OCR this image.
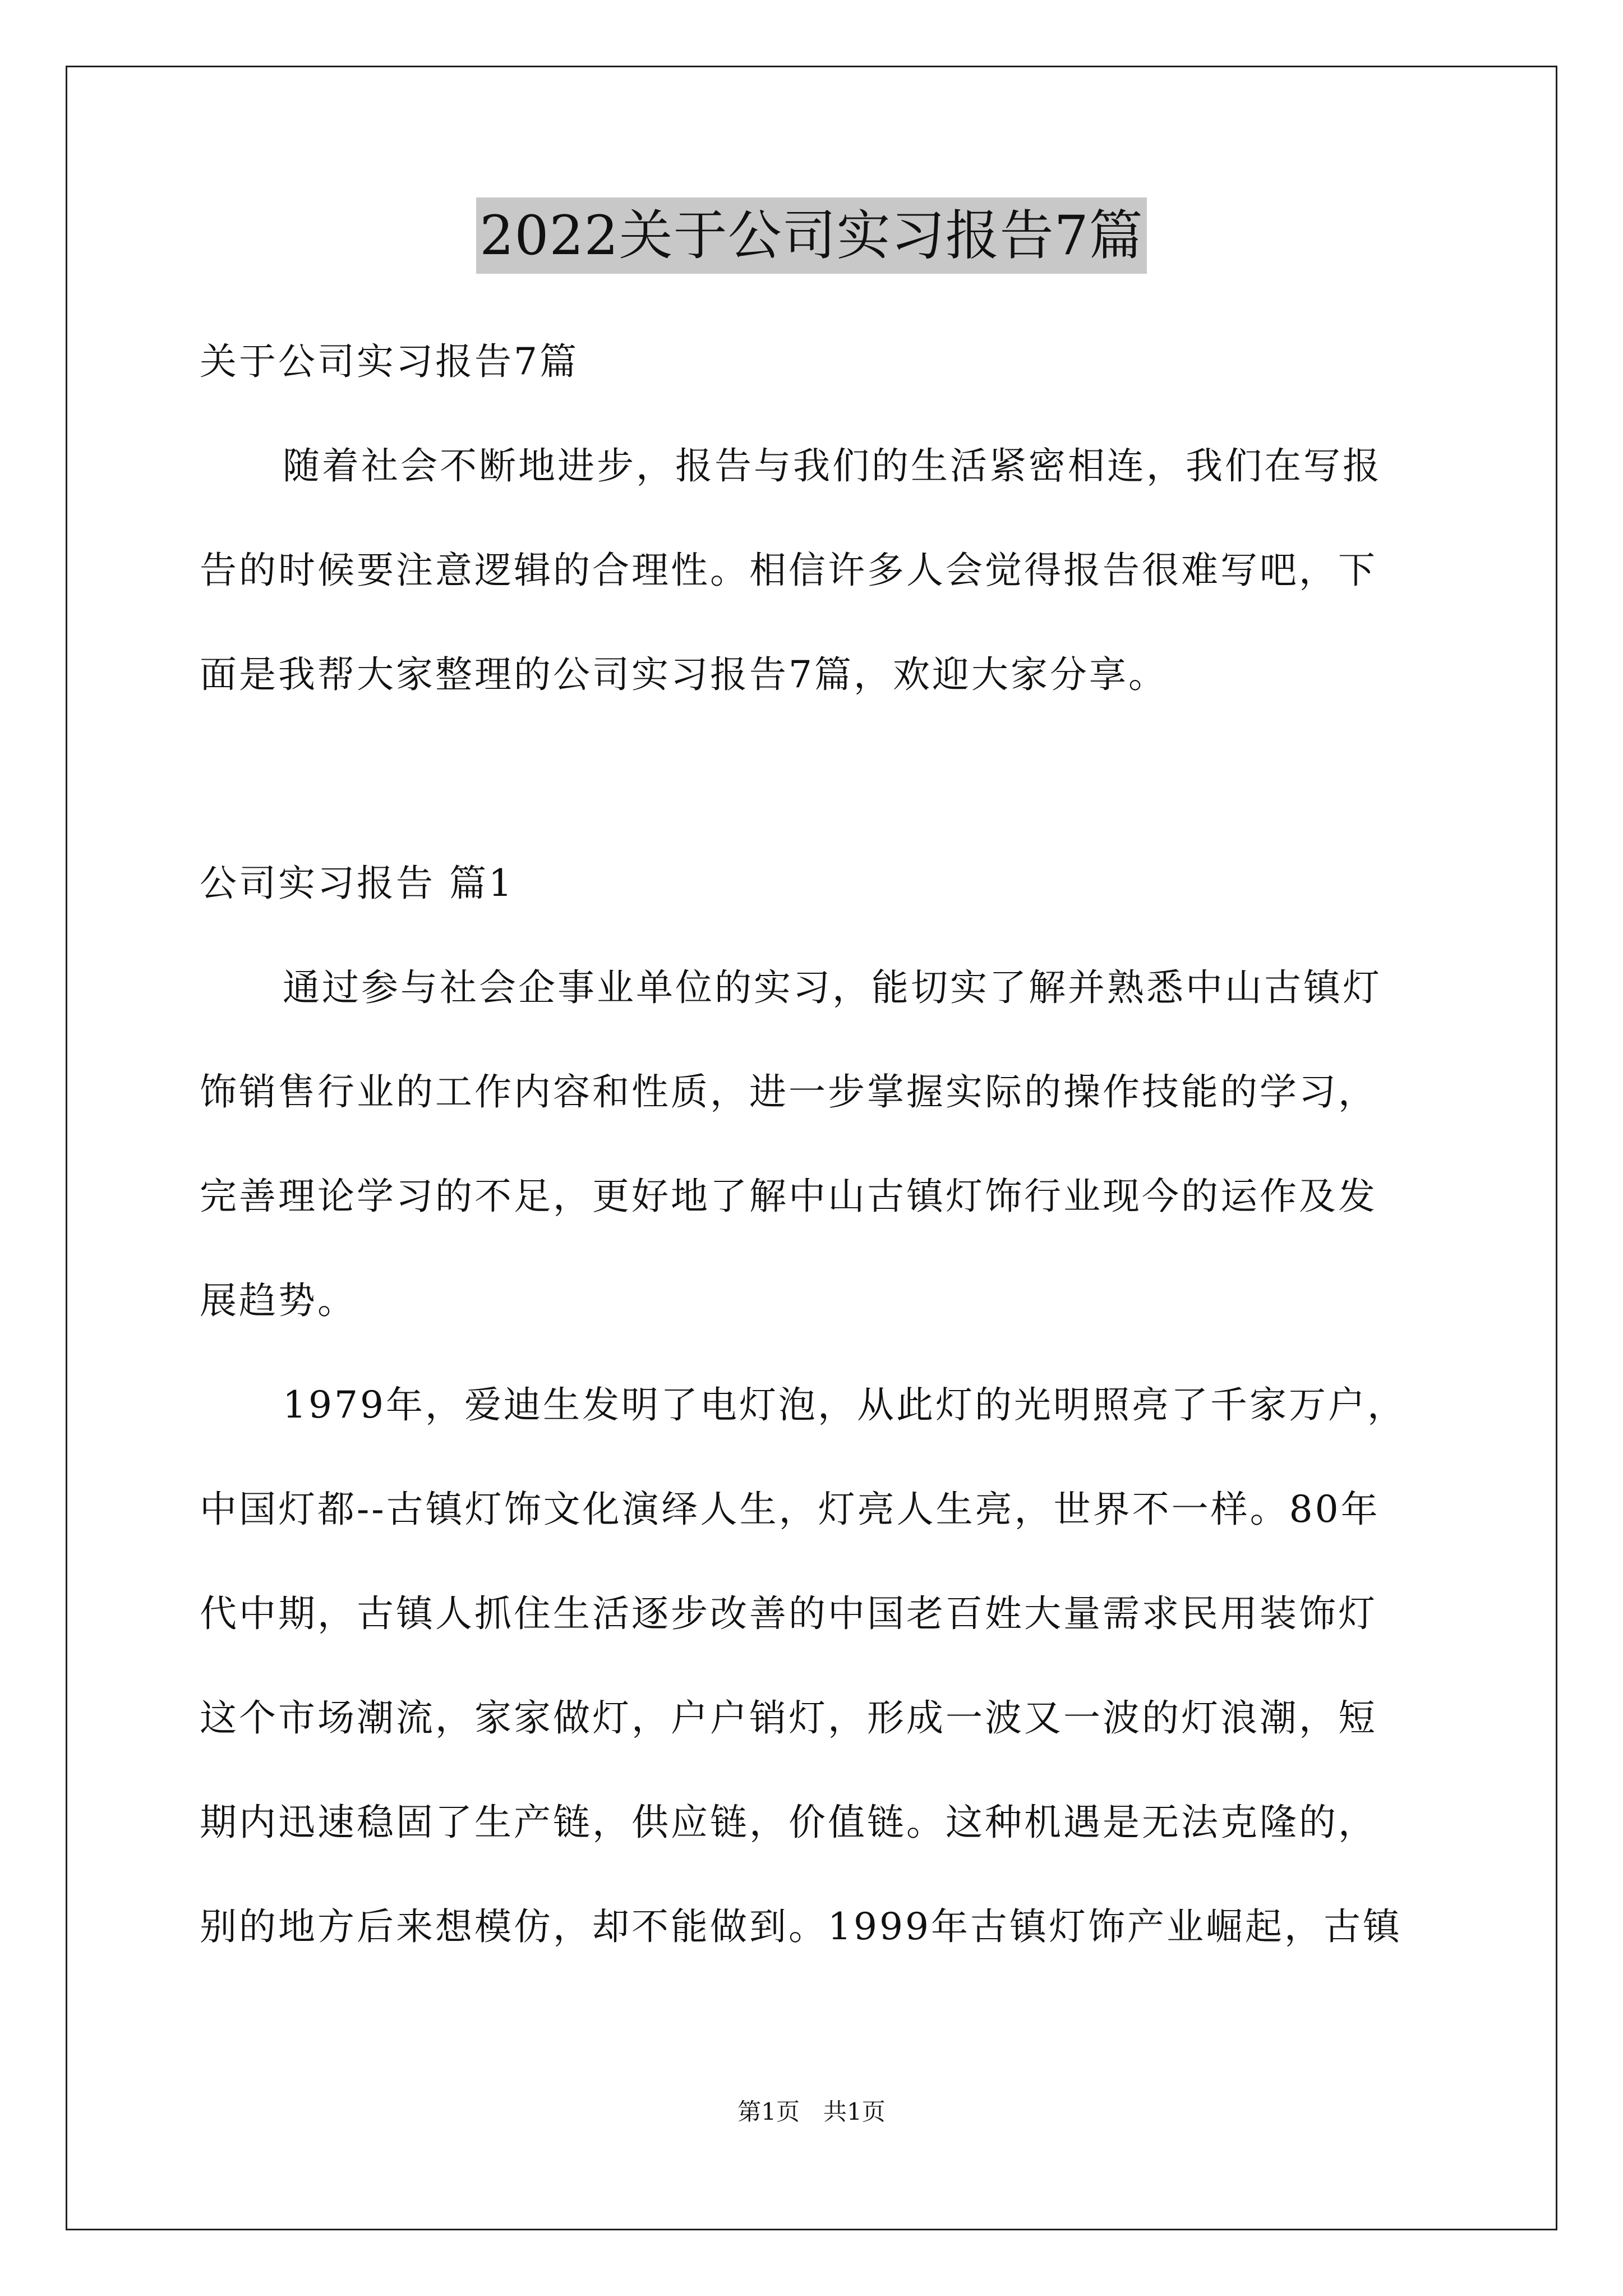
2022关于公司实习报告7篇
关于公司实习报告7篇
随着社会不断地进步，报告与我们的生活紧密相连，我们在写报
告的时候要注意逻辑的合理性。相信许多人会觉得报告很难写吧，下
面是我帮大家整理的公司实习报告7篇，欢迎大家分享。
公司实习报告 篇1
通过参与社会企事业单位的实习，能切实了解并熟悉中山古镇灯
饰销售行业的工作内容和性质，进一步掌握实际的操作技能的学习，
完善理论学习的不足，更好地了解中山古镇灯饰行业现今的运作及发
展趋势。
1979年，爱迪生发明了电灯泡，从此灯的光明照亮了千家万户，
中国灯都--古镇灯饰文化演绎人生，灯亮人生亮，世界不一样。80年
代中期，古镇人抓住生活逐步改善的中国老百姓大量需求民用装饰灯
这个市场潮流，家家做灯，户户销灯，形成一波又一波的灯浪潮，短
期内迅速稳固了生产链，供应链，价值链。这种机遇是无法克隆的，
别的地方后来想模仿，却不能做到。1999年古镇灯饰产业崛起，古镇
第1页　共1页
